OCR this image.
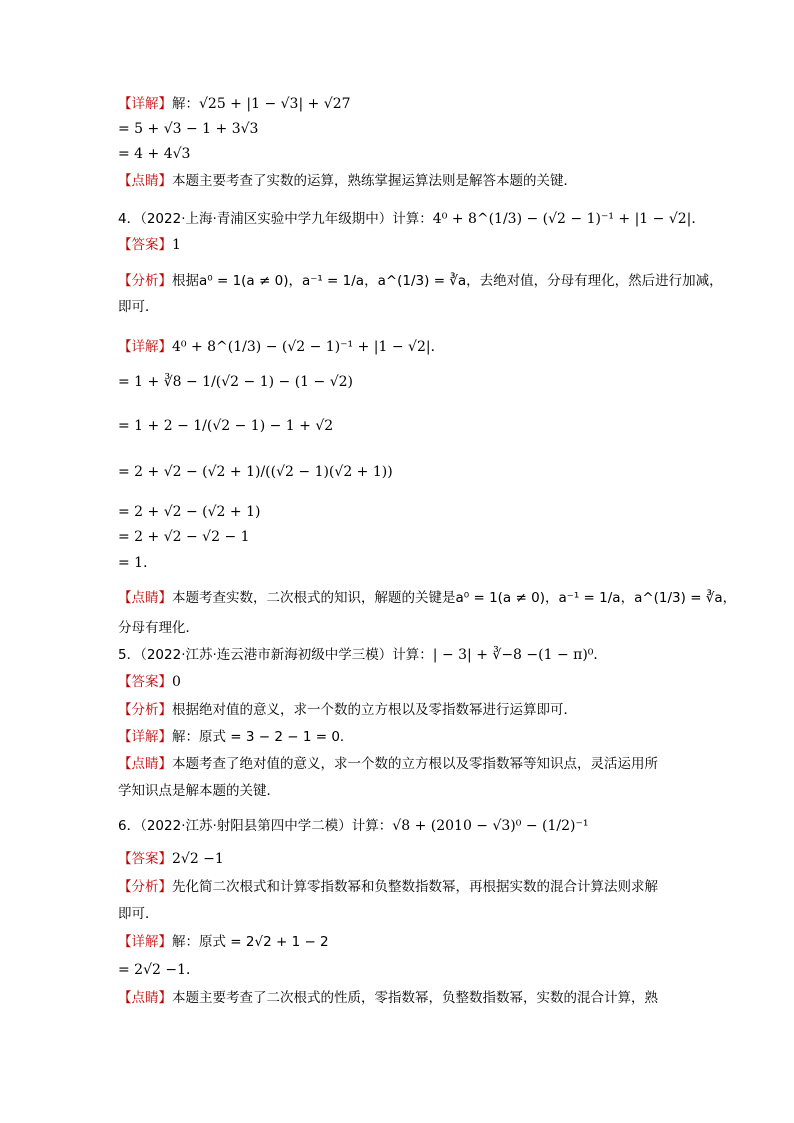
【详解】解：√25 + |1 − √3| + √27
= 5 + √3 − 1 + 3√3
= 4 + 4√3
【点睛】本题主要考查了实数的运算，熟练掌握运算法则是解答本题的关键．
4．（2022·上海·青浦区实验中学九年级期中）计算：4⁰ + 8^(1/3) − (√2 − 1)⁻¹ + |1 − √2|．
【答案】1
【分析】根据a⁰ = 1(a ≠ 0)，a⁻¹ = 1/a，a^(1/3) = ∛a，去绝对值，分母有理化，然后进行加减，
即可．
【详解】4⁰ + 8^(1/3) − (√2 − 1)⁻¹ + |1 − √2|．
= 1 + ∛8 − 1/(√2 − 1) − (1 − √2)
= 1 + 2 − 1/(√2 − 1) − 1 + √2
= 2 + √2 − (√2 + 1)/((√2 − 1)(√2 + 1))
= 2 + √2 − (√2 + 1)
= 2 + √2 − √2 − 1
= 1．
【点睛】本题考查实数，二次根式的知识，解题的关键是a⁰ = 1(a ≠ 0)，a⁻¹ = 1/a，a^(1/3) = ∛a，
分母有理化．
5．（2022·江苏·连云港市新海初级中学三模）计算：| − 3| + ∛−8 −(1 − π)⁰．
【答案】0
【分析】根据绝对值的意义，求一个数的立方根以及零指数幂进行运算即可．
【详解】解：原式 = 3 − 2 − 1 = 0．
【点睛】本题考查了绝对值的意义，求一个数的立方根以及零指数幂等知识点，灵活运用所
学知识点是解本题的关键．
6．（2022·江苏·射阳县第四中学二模）计算：√8 + (2010 − √3)⁰ − (1/2)⁻¹
【答案】2√2 −1
【分析】先化简二次根式和计算零指数幂和负整数指数幂，再根据实数的混合计算法则求解
即可．
【详解】解：原式 = 2√2 + 1 − 2
= 2√2 −1．
【点睛】本题主要考查了二次根式的性质，零指数幂，负整数指数幂，实数的混合计算，熟
